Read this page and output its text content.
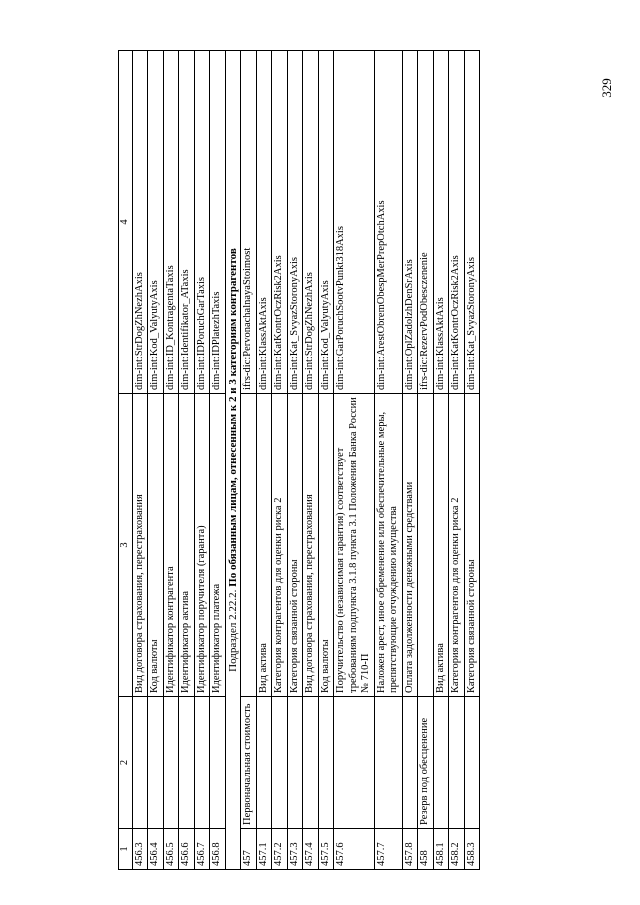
329
1	2	3	4
456.3		Вид договора страхования, перестрахования	dim-int:StrDogZhNezhAxis
456.4		Код валюты	dim-int:Kod_ValyutyAxis
456.5		Идентификатор контрагента	dim-int:ID_KontragentaTaxis
456.6		Идентификатор актива	dim-int:Identifikator_ATaxis
456.7		Идентификатор поручителя (гаранта)	dim-int:IDPoruchGarTaxis
456.8		Идентификатор платежа	dim-int:IDPlatezhTaxis
Подраздел 2.22.2. По обязанным лицам, отнесенным к 2 и 3 категориям контрагентов			
457	Первоначальная стоимость		ifrs-dic:PervonachalnayaStoimost
457.1		Вид актива	dim-int:KlassAktAxis
457.2		Категория контрагентов для оценки риска 2	dim-int:KatKontrOczRisk2Axis
457.3		Категория связанной стороны	dim-int:Kat_SvyazStoronyAxis
457.4		Вид договора страхования, перестрахования	dim-int:StrDogZhNezhAxis
457.5		Код валюты	dim-int:Kod_ValyutyAxis
457.6		Поручительство (независимая гарантия) соответствует требованиям подпункта 3.1.8 пункта 3.1 Положения Банка России № 710-П	dim-int:GarPoruchSootvPunkt318Axis
457.7		Наложен арест, иное обременение или обеспечительные меры, препятствующие отчуждению имущества	dim-int:ArestObremObespMerPrepOtchAxis
457.8		Оплата задолженности денежными средствами	dim-int:OplZadolzhDenSrAxis
458	Резерв под обесценение		ifrs-dic:RezervPodObesczenenie
458.1		Вид актива	dim-int:KlassAktAxis
458.2		Категория контрагентов для оценки риска 2	dim-int:KatKontrOczRisk2Axis
458.3		Категория связанной стороны	dim-int:Kat_SvyazStoronyAxis
